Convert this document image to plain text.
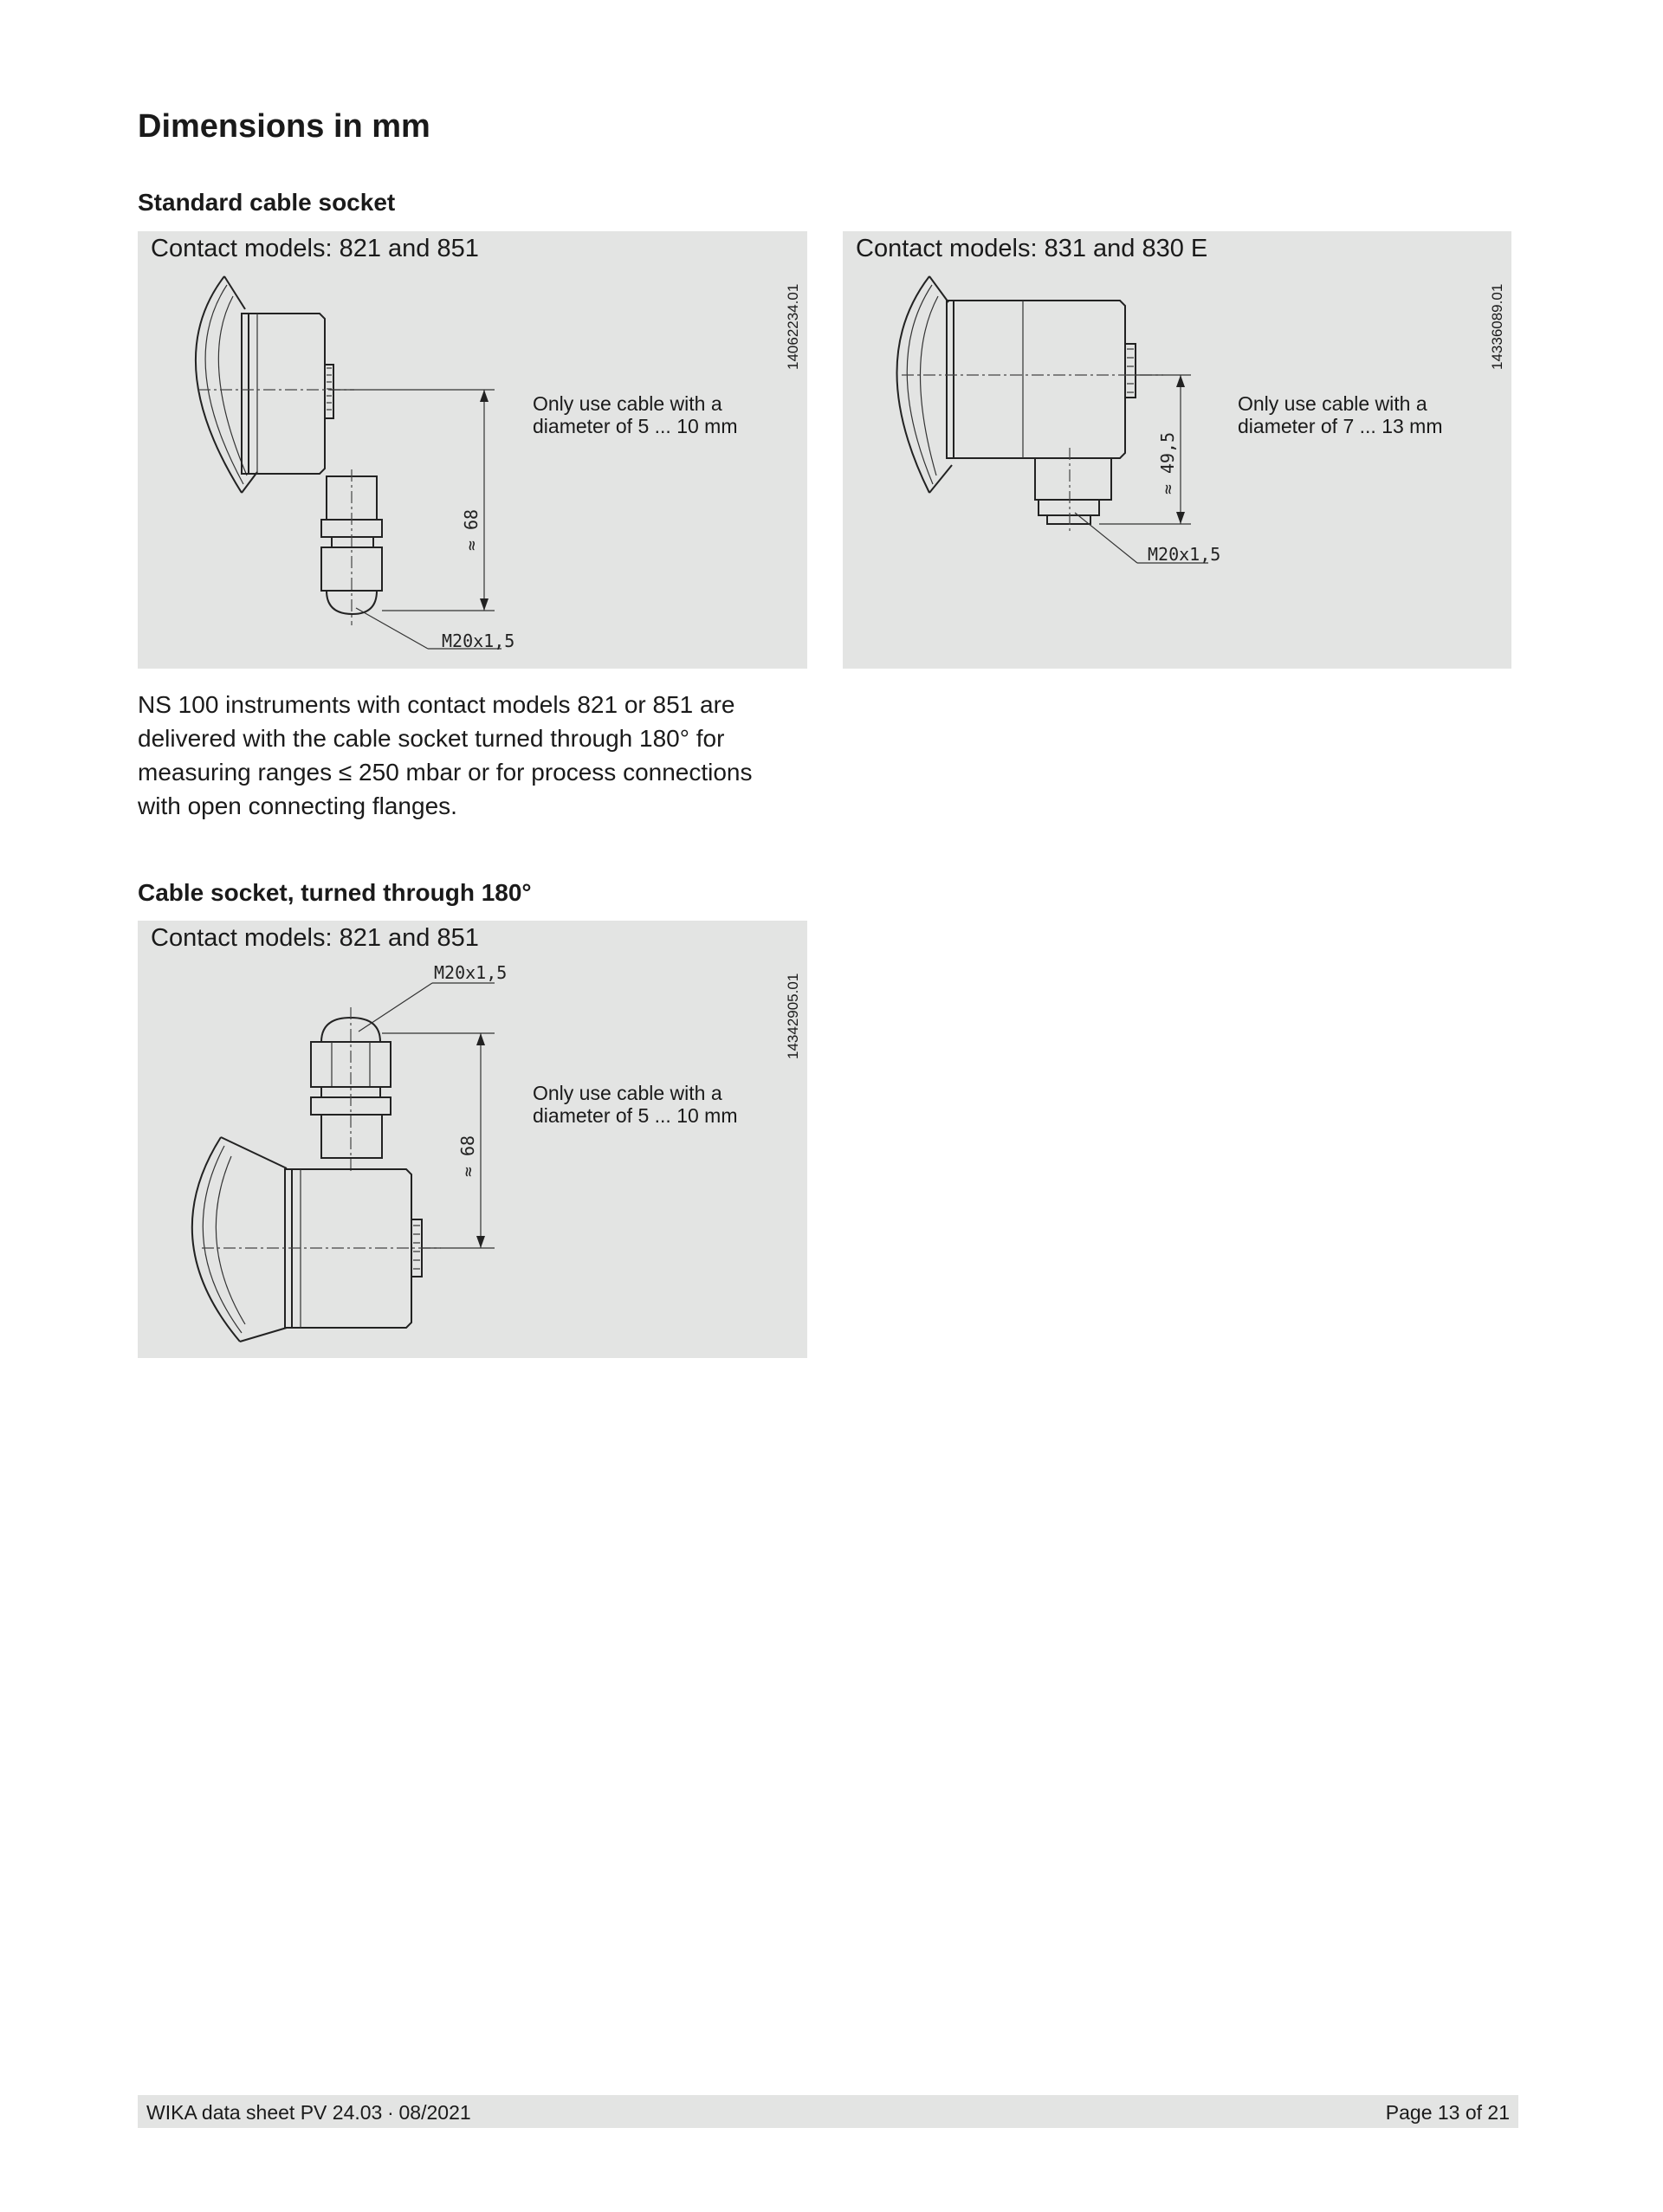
Dimensions in mm
Standard cable socket
Contact models: 821 and 851
14062234.01
≈ 68
M20x1,5
Only use cable with a
diameter of 5 ... 10 mm
Contact models: 831 and 830 E
14336089.01
≈ 49,5
M20x1,5
Only use cable with a
diameter of 7 ... 13 mm
NS 100 instruments with contact models 821 or 851 are
delivered with the cable socket turned through 180° for
measuring ranges ≤ 250 mbar or for process connections
with open connecting flanges.
Cable socket, turned through 180°
Contact models: 821 and 851
14342905.01
M20x1,5
≈ 68
Only use cable with a
diameter of 5 ... 10 mm
WIKA data sheet PV 24.03 ∙ 08/2021	Page 13 of 21
